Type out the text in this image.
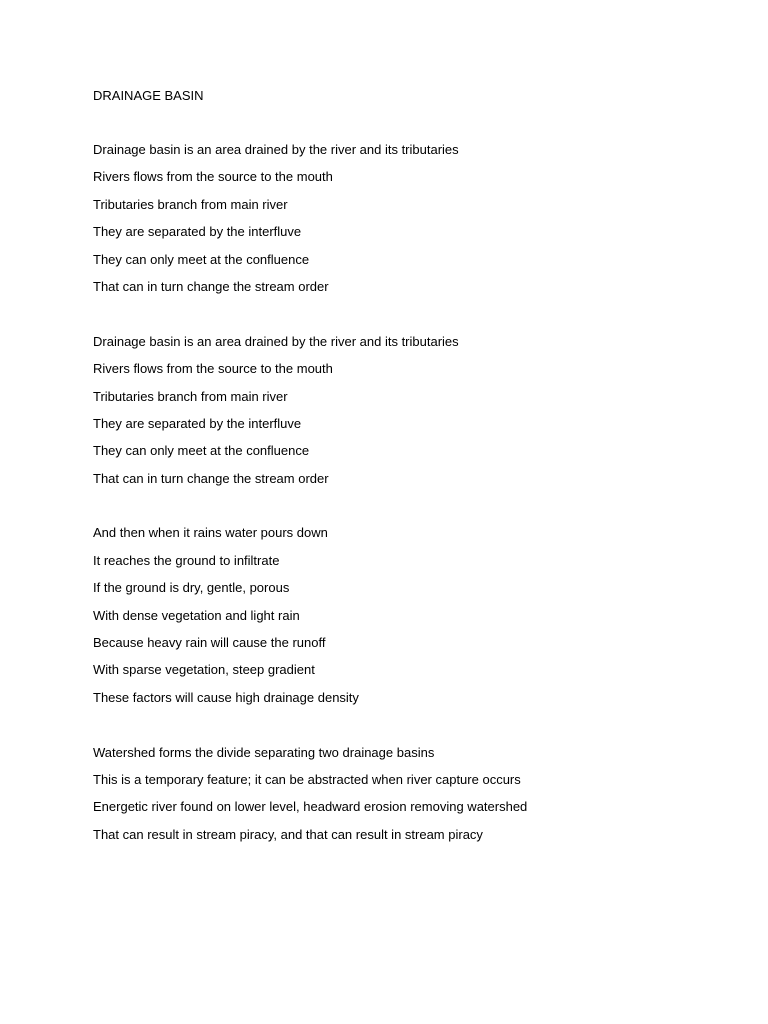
DRAINAGE BASIN

Drainage basin is an area drained by the river and its tributaries

Rivers flows from the source to the mouth

Tributaries branch from main river

They are separated by the interfluve

They can only meet at the confluence

That can in turn change the stream order

Drainage basin is an area drained by the river and its tributaries

Rivers flows from the source to the mouth

Tributaries branch from main river

They are separated by the interfluve

They can only meet at the confluence

That can in turn change the stream order

And then when it rains water pours down

It reaches the ground to infiltrate

If the ground is dry, gentle, porous

With dense vegetation and light rain

Because heavy rain will cause the runoff

With sparse vegetation, steep gradient

These factors will cause high drainage density

Watershed forms the divide separating two drainage basins

This is a temporary feature; it can be abstracted when river capture occurs

Energetic river found on lower level, headward erosion removing watershed

That can result in stream piracy, and that can result in stream piracy
